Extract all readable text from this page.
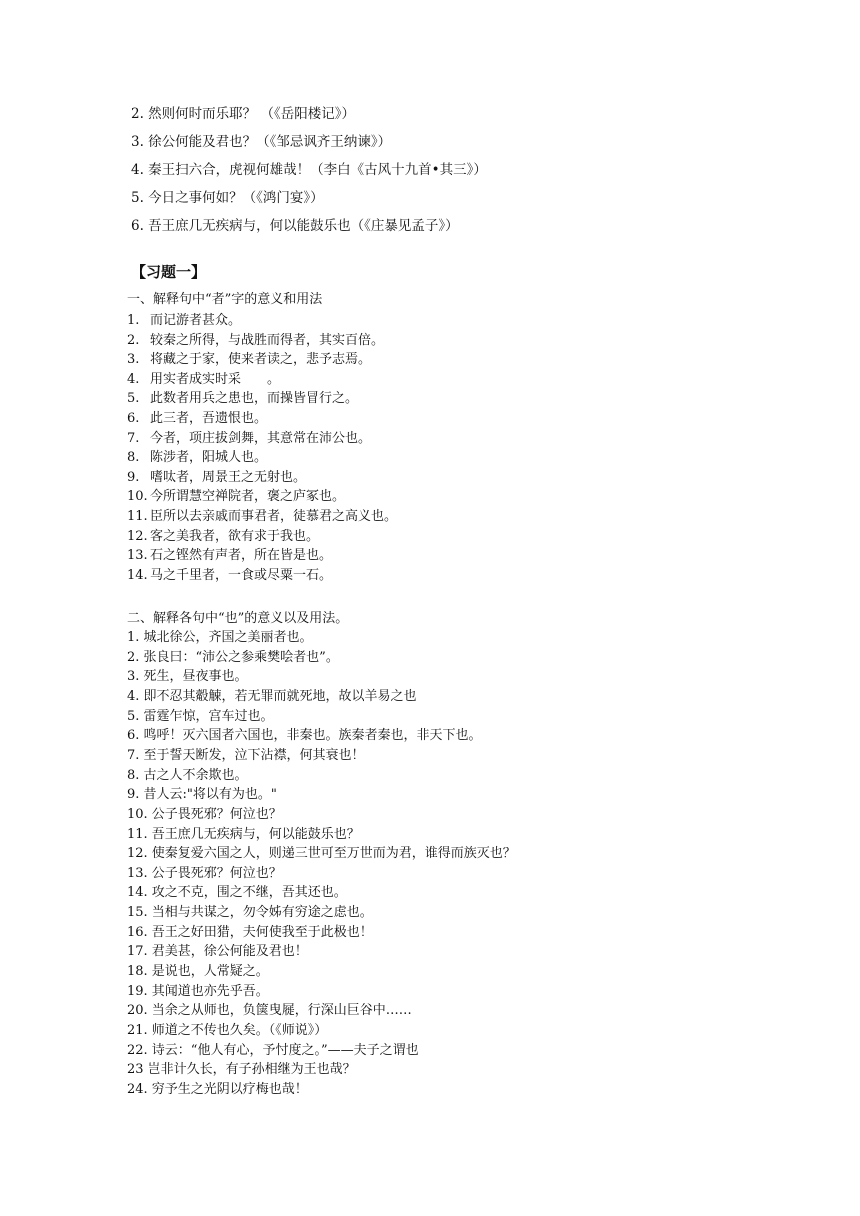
2. 然则何时而乐耶？ （《岳阳楼记》）
3. 徐公何能及君也？（《邹忌讽齐王纳谏》）
4. 秦王扫六合，虎视何雄哉！（李白《古风十九首•其三》）
5. 今日之事何如？（《鸿门宴》）
6. 吾王庶几无疾病与，何以能鼓乐也（《庄暴见孟子》）
【习题一】
一、解释句中“者”字的意义和用法
1. 而记游者甚众。
2. 较秦之所得，与战胜而得者，其实百倍。
3. 将藏之于家，使来者读之，悲予志焉。
4. 用实者成实时采　　。
5. 此数者用兵之患也，而操皆冒行之。
6. 此三者，吾遗恨也。
7. 今者，项庄拔剑舞，其意常在沛公也。
8. 陈涉者，阳城人也。
9. 嗜呔者，周景王之无射也。
10. 今所谓慧空禅院者，褒之庐冢也。
11. 臣所以去亲戚而事君者，徒慕君之高义也。
12. 客之美我者，欲有求于我也。
13. 石之铿然有声者，所在皆是也。
14. 马之千里者，一食或尽粟一石。
二、解释各句中“也”的意义以及用法。
1. 城北徐公，齐国之美丽者也。
2. 张良曰：“沛公之参乘樊哙者也”。
3. 死生，昼夜事也。
4. 即不忍其觳觫，若无罪而就死地，故以羊易之也
5. 雷霆乍惊，宫车过也。
6. 鸣呼！灭六国者六国也，非秦也。族秦者秦也，非天下也。
7. 至于誓天断发，泣下沾襟，何其衰也！
8. 古之人不余欺也。
9. 昔人云:"将以有为也。"
10. 公子畏死邪？何泣也？
11. 吾王庶几无疾病与，何以能鼓乐也？
12. 使秦复爱六国之人，则递三世可至万世而为君，谁得而族灭也？
13. 公子畏死邪？何泣也？
14. 攻之不克，围之不继，吾其还也。
15. 当相与共谋之，勿令姊有穷途之虑也。
16. 吾王之好田猎，夫何使我至于此极也！
17. 君美甚，徐公何能及君也！
18. 是说也，人常疑之。
19. 其闻道也亦先乎吾。
20. 当余之从师也，负箧曳屣，行深山巨谷中……
21. 师道之不传也久矣。（《师说》）
22. 诗云：“他人有心，予忖度之。”——夫子之谓也
23 岂非计久长，有子孙相继为王也哉？
24. 穷予生之光阴以疗梅也哉！
